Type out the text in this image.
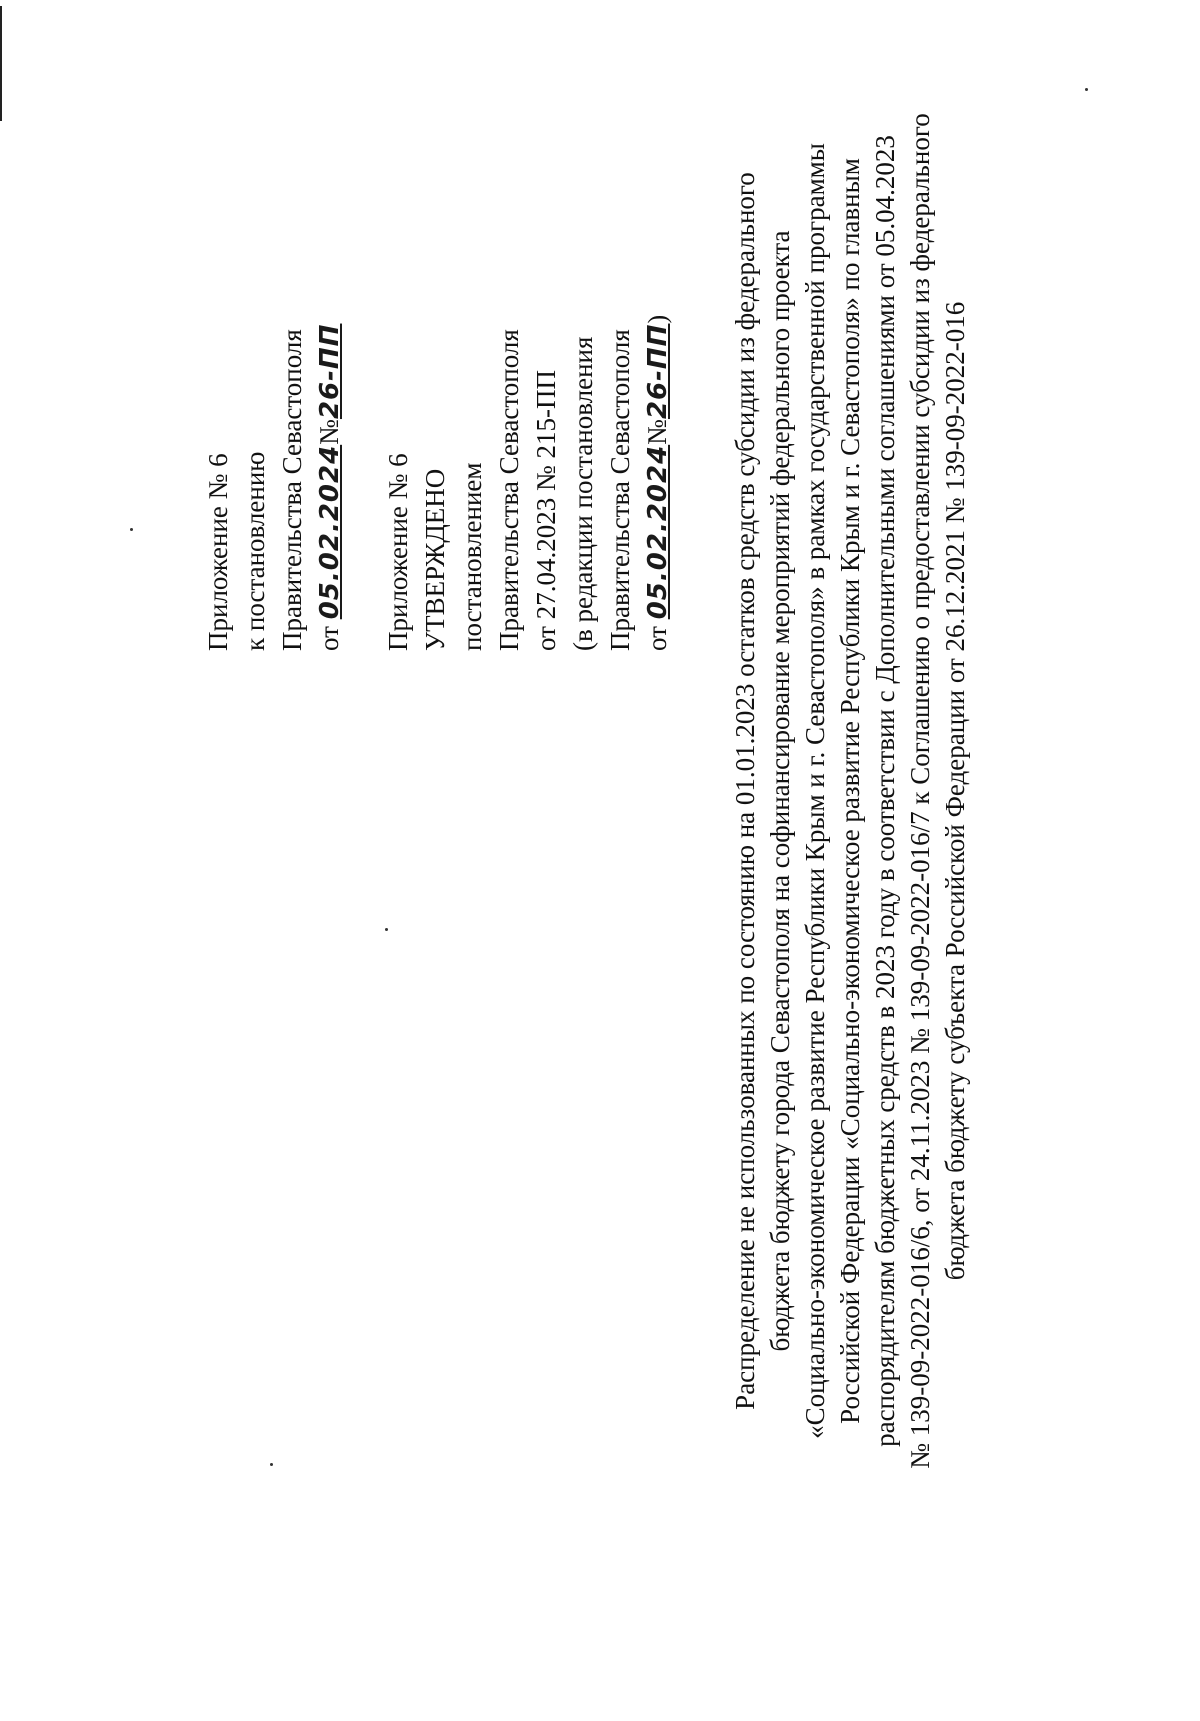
Приложение № 6 к постановлению Правительства Севастополя от 05.02.2024№26-ПП
Приложение № 6 УТВЕРЖДЕНО постановлением Правительства Севастополя от 27.04.2023 № 215-ПП (в редакции постановления Правительства Севастополя от 05.02.2024№26-ПП) Распределение не использованных по состоянию на 01.01.2023 остатков средств субсидии из федерального бюджета бюджету города Севастополя на софинансирование мероприятий федерального проекта «Социально-экономическое развитие Республики Крым и г. Севастополя» в рамках государственной программы Российской Федерации «Социально-экономическое развитие Республики Крым и г. Севастополя» по главным распорядителям бюджетных средств в 2023 году в соответствии с Дополнительными соглашениями от 05.04.2023 № 139-09-2022-016/6, от 24.11.2023 № 139-09-2022-016/7 к Соглашению о предоставлении субсидии из федерального бюджета бюджету субъекта Российской Федерации от 26.12.2021 № 139-09-2022-016
